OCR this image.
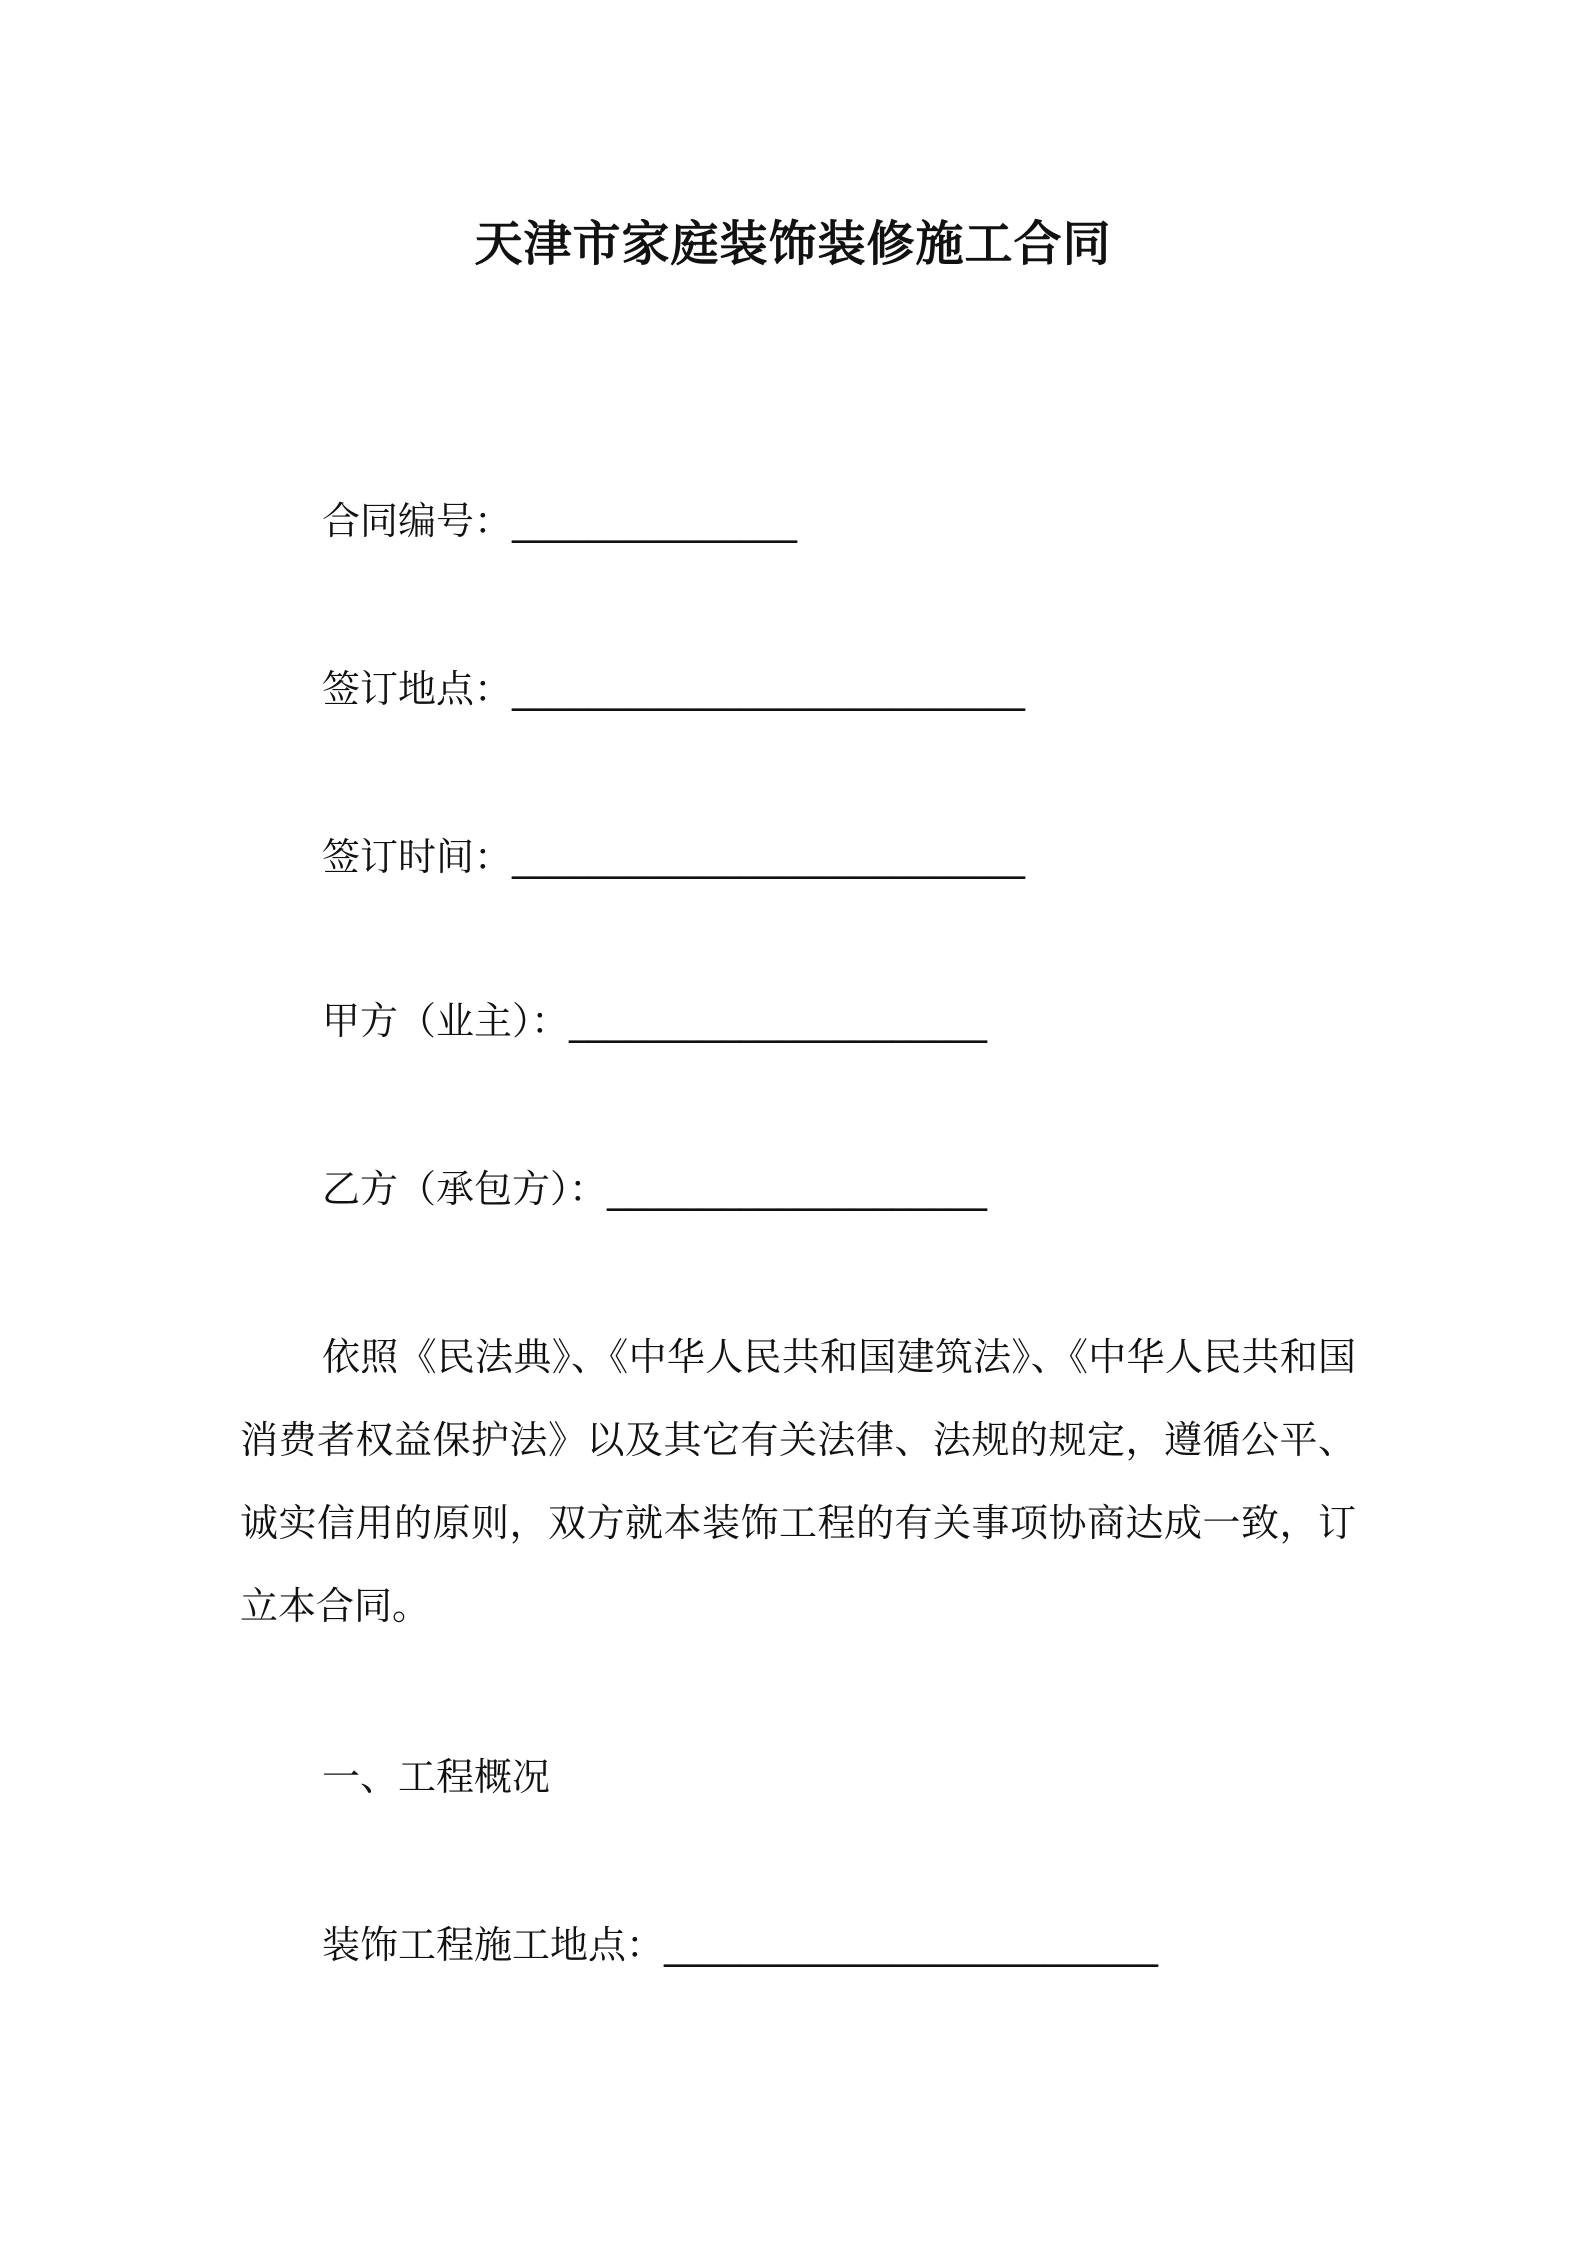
天津市家庭装饰装修施工合同
合同编号：_______________
签订地点：___________________________
签订时间：___________________________
甲方（业主）：______________________
乙方（承包方）：____________________
依照《民法典》、《中华人民共和国建筑法》、《中华人民共和国消费者权益保护法》以及其它有关法律、法规的规定，遵循公平、诚实信用的原则，双方就本装饰工程的有关事项协商达成一致，订立本合同。
一、工程概况
装饰工程施工地点：__________________________
